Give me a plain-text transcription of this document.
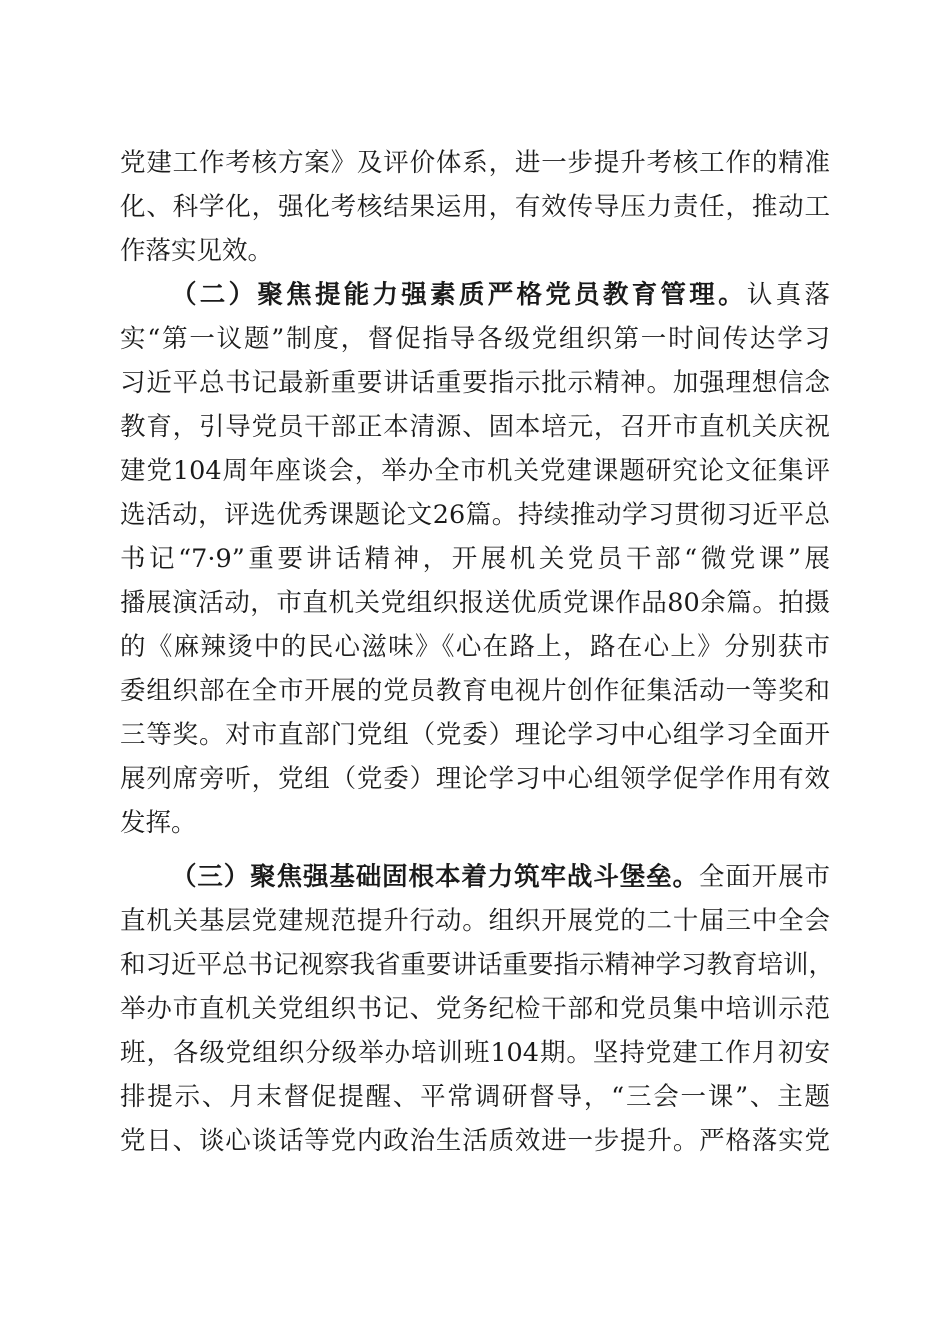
党建工作考核方案》及评价体系，进一步提升考核工作的精准
化、科学化，强化考核结果运用，有效传导压力责任，推动工
作落实见效。
（二）聚焦提能力强素质严格党员教育管理。认真落
实“第一议题”制度，督促指导各级党组织第一时间传达学习
习近平总书记最新重要讲话重要指示批示精神。加强理想信念
教育，引导党员干部正本清源、固本培元，召开市直机关庆祝
建党104周年座谈会，举办全市机关党建课题研究论文征集评
选活动，评选优秀课题论文26篇。持续推动学习贯彻习近平总
书记“7·9”重要讲话精神，开展机关党员干部“微党课”展
播展演活动，市直机关党组织报送优质党课作品80余篇。拍摄
的《麻辣烫中的民心滋味》《心在路上，路在心上》分别获市
委组织部在全市开展的党员教育电视片创作征集活动一等奖和
三等奖。对市直部门党组（党委）理论学习中心组学习全面开
展列席旁听，党组（党委）理论学习中心组领学促学作用有效
发挥。
（三）聚焦强基础固根本着力筑牢战斗堡垒。全面开展市
直机关基层党建规范提升行动。组织开展党的二十届三中全会
和习近平总书记视察我省重要讲话重要指示精神学习教育培训，
举办市直机关党组织书记、党务纪检干部和党员集中培训示范
班，各级党组织分级举办培训班104期。坚持党建工作月初安
排提示、月末督促提醒、平常调研督导，“三会一课”、主题
党日、谈心谈话等党内政治生活质效进一步提升。严格落实党
